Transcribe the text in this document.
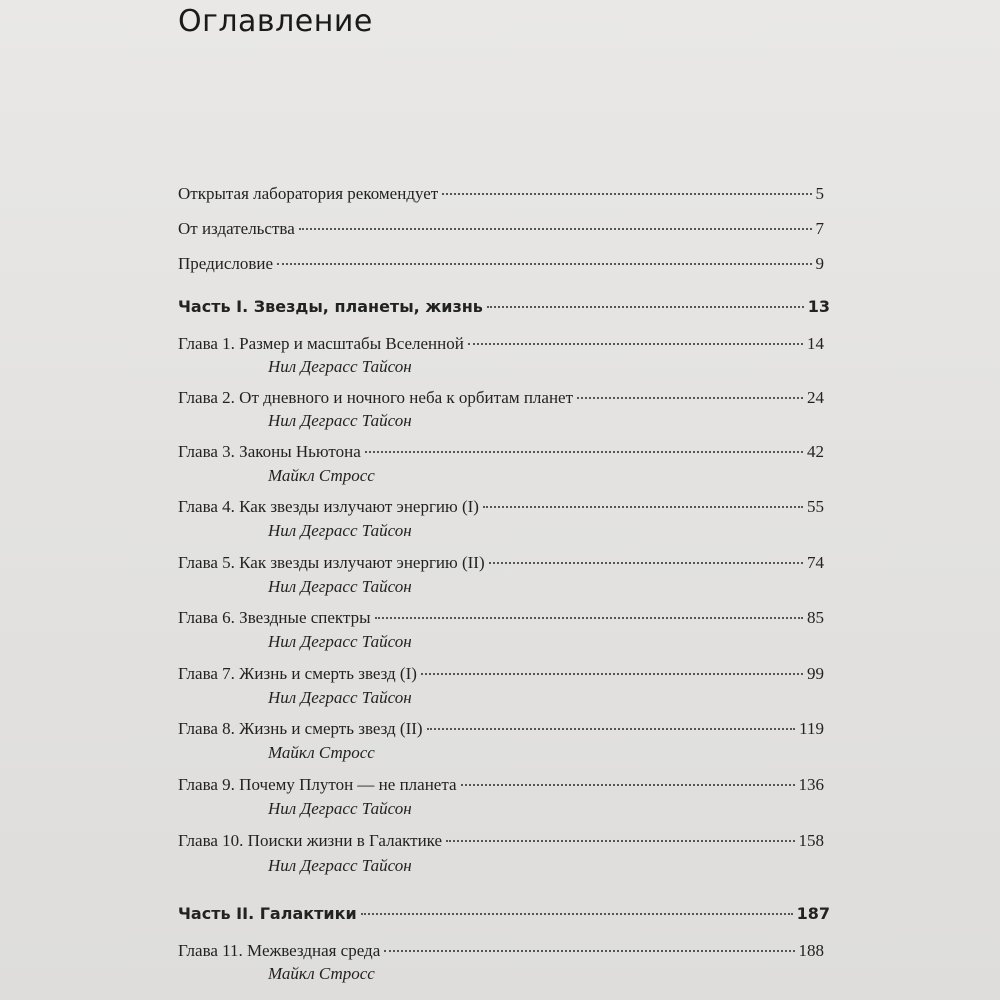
Оглавление
Открытая лаборатория рекомендует	5
От издательства	7
Предисловие	9
Часть I. Звезды, планеты, жизнь	13
Глава 1. Размер и масштабы Вселенной	14
Нил Деграсс Тайсон
Глава 2. От дневного и ночного неба к орбитам планет	24
Нил Деграсс Тайсон
Глава 3. Законы Ньютона	42
Майкл Стросс
Глава 4. Как звезды излучают энергию (I)	55
Нил Деграсс Тайсон
Глава 5. Как звезды излучают энергию (II)	74
Нил Деграсс Тайсон
Глава 6. Звездные спектры	85
Нил Деграсс Тайсон
Глава 7. Жизнь и смерть звезд (I)	99
Нил Деграсс Тайсон
Глава 8. Жизнь и смерть звезд (II)	119
Майкл Стросс
Глава 9. Почему Плутон — не планета	136
Нил Деграсс Тайсон
Глава 10. Поиски жизни в Галактике	158
Нил Деграсс Тайсон
Часть II. Галактики	187
Глава 11. Межвездная среда	188
Майкл Стросс
